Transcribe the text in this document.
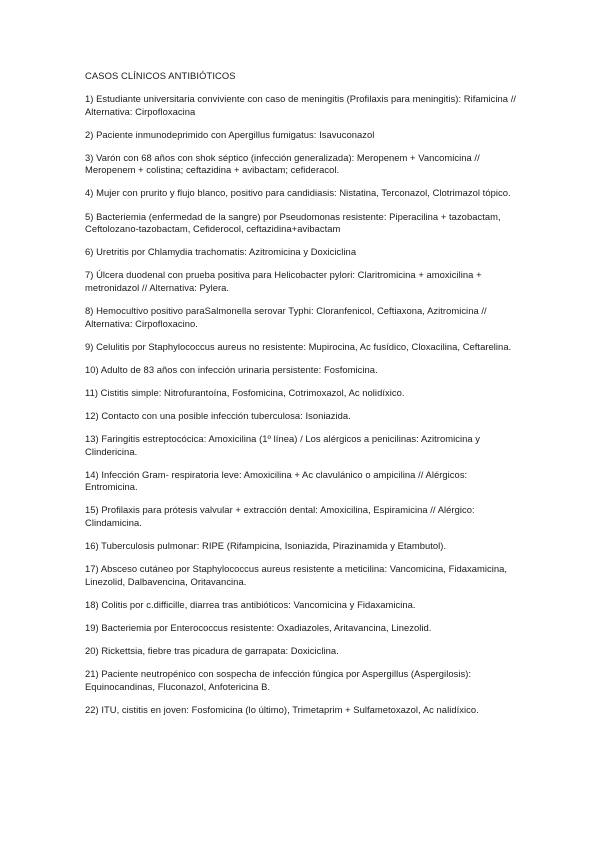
CASOS CLÍNICOS ANTIBIÓTICOS

1) Estudiante universitaria conviviente con caso de meningitis (Profilaxis para meningitis): Rifamicina // Alternativa: Cirpofloxacina

2) Paciente inmunodeprimido con Apergillus fumigatus: Isavuconazol

3) Varón con 68 años con shok séptico (infección generalizada): Meropenem + Vancomicina // Meropenem + colistina; ceftazidina + avibactam; cefideracol.

4) Mujer con prurito y flujo blanco, positivo para candidiasis: Nistatina, Terconazol, Clotrimazol tópico.

5) Bacteriemia (enfermedad de la sangre) por Pseudomonas resistente: Piperacilina + tazobactam, Ceftolozano-tazobactam, Cefiderocol, ceftazidina+avibactam

6) Uretritis por Chlamydia trachomatis: Azitromicina y Doxiciclina

7) Úlcera duodenal con prueba positiva para Helicobacter pylori: Claritromicina + amoxicilina + metronidazol // Alternativa: Pylera.

8) Hemocultivo positivo paraSalmonella serovar Typhi: Cloranfenicol, Ceftiaxona, Azitromicina // Alternativa: Cirpofloxacino.

9) Celulitis por Staphylococcus aureus no resistente: Mupirocina, Ac fusídico, Cloxacilina, Ceftarelina.

10) Adulto de 83 años con infección urinaria persistente: Fosfomicina.

11) Cistitis simple: Nitrofurantoína, Fosfomicina, Cotrimoxazol, Ac nolidíxico.

12) Contacto con una posible infección tuberculosa: Isoniazida.

13) Faringitis estreptocócica: Amoxicilina (1º línea) / Los alérgicos a penicilinas: Azitromicina y Clindericina.

14) Infección Gram- respiratoria leve: Amoxicilina + Ac clavulánico o ampicilina // Alérgicos: Entromicina.

15) Profilaxis para prótesis valvular + extracción dental: Amoxicilina, Espiramicina // Alérgico: Clindamicina.

16) Tuberculosis pulmonar: RIPE (Rifampicina, Isoniazida, Pirazinamida y Etambutol).

17) Absceso cutáneo por Staphylococcus aureus resistente a meticilina: Vancomicina, Fidaxamicina, Linezolid, Dalbavencina, Oritavancina.

18) Colitis por c.difficille, diarrea tras antibióticos: Vancomicina y Fidaxamicina.

19) Bacteriemia por Enterococcus resistente: Oxadiazoles, Aritavancina, Linezolid.

20) Rickettsia, fiebre tras picadura de garrapata: Doxiciclina.

21) Paciente neutropénico con sospecha de infección fúngica por Aspergillus (Aspergilosis): Equinocandinas, Fluconazol, Anfotericina B.

22) ITU, cistitis en joven: Fosfomicina (lo último), Trimetaprim + Sulfametoxazol, Ac nalidíxico.
